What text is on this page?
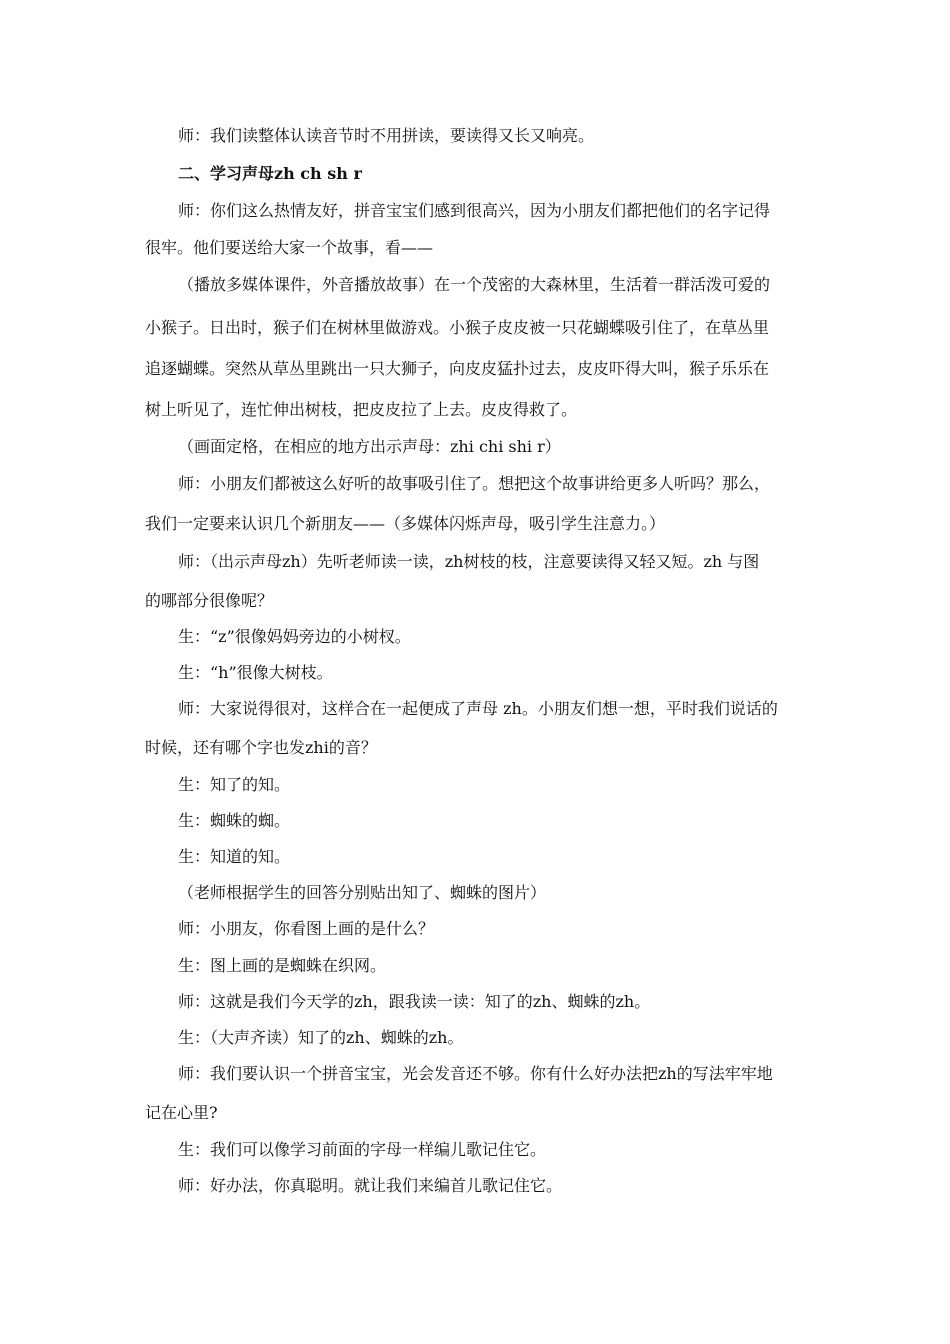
师：我们读整体认读音节时不用拼读，要读得又长又响亮。
二、学习声母zh ch sh r
师：你们这么热情友好，拼音宝宝们感到很高兴，因为小朋友们都把他们的名字记得
很牢。他们要送给大家一个故事，看——
（播放多媒体课件，外音播放故事）在一个茂密的大森林里，生活着一群活泼可爱的
小猴子。日出时，猴子们在树林里做游戏。小猴子皮皮被一只花蝴蝶吸引住了，在草丛里
追逐蝴蝶。突然从草丛里跳出一只大狮子，向皮皮猛扑过去，皮皮吓得大叫，猴子乐乐在
树上听见了，连忙伸出树枝，把皮皮拉了上去。皮皮得救了。
（画面定格，在相应的地方出示声母：zhi chi shi r）
师：小朋友们都被这么好听的故事吸引住了。想把这个故事讲给更多人听吗？那么，
我们一定要来认识几个新朋友——（多媒体闪烁声母，吸引学生注意力。）
师：（出示声母zh）先听老师读一读，zh树枝的枝，注意要读得又轻又短。zh 与图
的哪部分很像呢？
生：“z”很像妈妈旁边的小树杈。
生：“h”很像大树枝。
师：大家说得很对，这样合在一起便成了声母 zh。小朋友们想一想，平时我们说话的
时候，还有哪个字也发zhi的音？
生：知了的知。
生：蜘蛛的蜘。
生：知道的知。
（老师根据学生的回答分别贴出知了、蜘蛛的图片）
师：小朋友，你看图上画的是什么？
生：图上画的是蜘蛛在织网。
师：这就是我们今天学的zh，跟我读一读：知了的zh、蜘蛛的zh。
生：（大声齐读）知了的zh、蜘蛛的zh。
师：我们要认识一个拼音宝宝，光会发音还不够。你有什么好办法把zh的写法牢牢地
记在心里?
生：我们可以像学习前面的字母一样编儿歌记住它。
师：好办法，你真聪明。就让我们来编首儿歌记住它。
